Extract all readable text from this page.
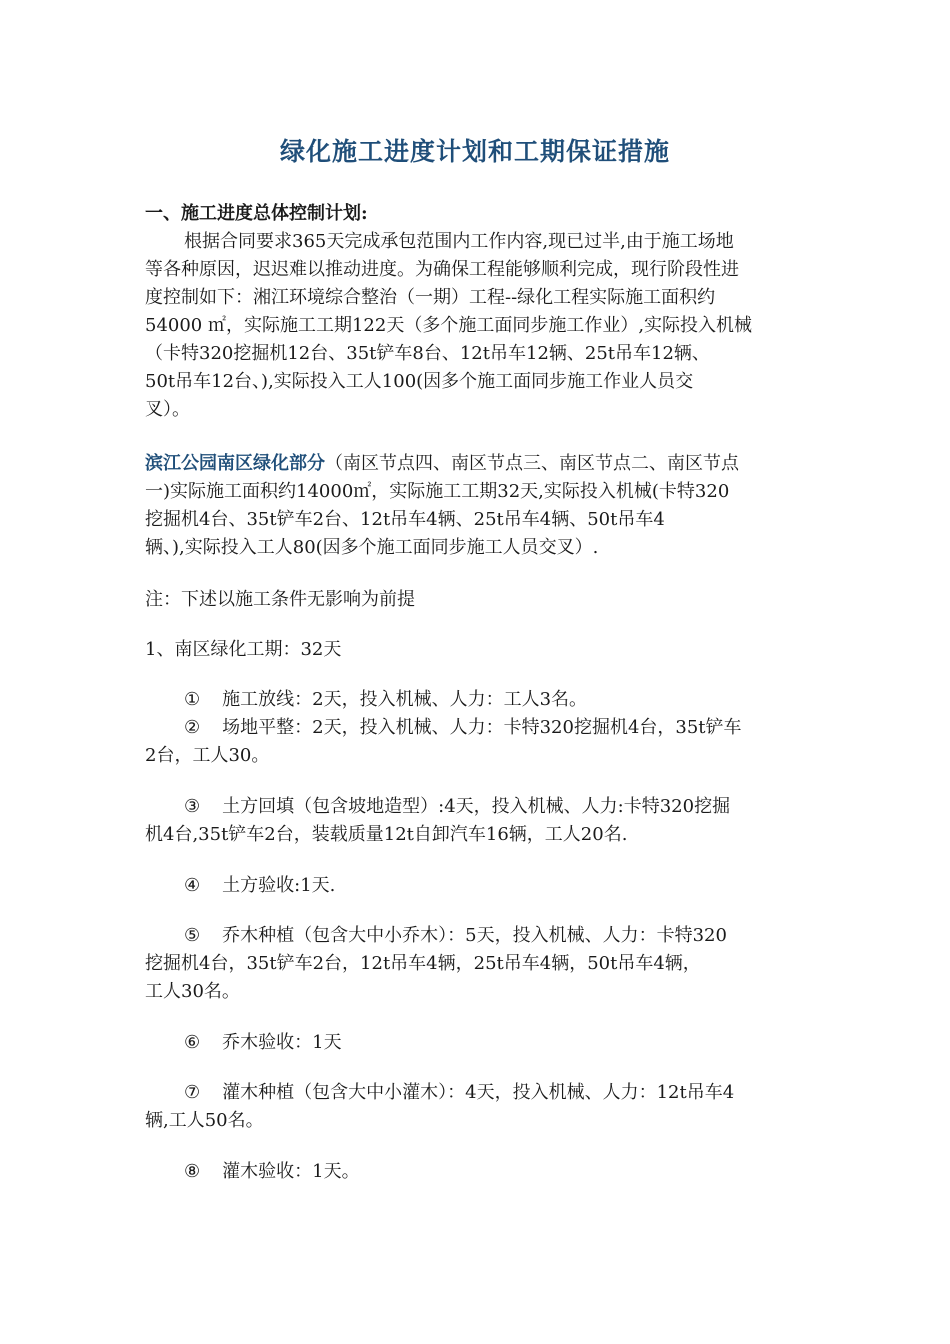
绿化施工进度计划和工期保证措施

一、施工进度总体控制计划:

根据合同要求365天完成承包范围内工作内容,现已过半,由于施工场地

等各种原因，迟迟难以推动进度。为确保工程能够顺利完成，现行阶段性进

度控制如下：湘江环境综合整治（一期）工程--绿化工程实际施工面积约

54000 ㎡，实际施工工期122天（多个施工面同步施工作业）,实际投入机械

（卡特320挖掘机12台、35t铲车8台、12t吊车12辆、25t吊车12辆、

50t吊车12台、),实际投入工人100(因多个施工面同步施工作业人员交

叉）。

滨江公园南区绿化部分（南区节点四、南区节点三、南区节点二、南区节点

一)实际施工面积约14000㎡，实际施工工期32天,实际投入机械(卡特320

挖掘机4台、35t铲车2台、12t吊车4辆、25t吊车4辆、50t吊车4

辆、),实际投入工人80(因多个施工面同步施工人员交叉）.

注：下述以施工条件无影响为前提

1、南区绿化工期：32天

① 施工放线：2天，投入机械、人力：工人3名。

② 场地平整：2天，投入机械、人力：卡特320挖掘机4台，35t铲车

2台，工人30。

③ 土方回填（包含坡地造型）:4天，投入机械、人力:卡特320挖掘

机4台,35t铲车2台，装载质量12t自卸汽车16辆，工人20名.

④ 土方验收:1天.

⑤ 乔木种植（包含大中小乔木）：5天，投入机械、人力：卡特320

挖掘机4台，35t铲车2台，12t吊车4辆，25t吊车4辆，50t吊车4辆，

工人30名。

⑥ 乔木验收：1天

⑦ 灌木种植（包含大中小灌木）：4天，投入机械、人力：12t吊车4

辆,工人50名。

⑧ 灌木验收：1天。
